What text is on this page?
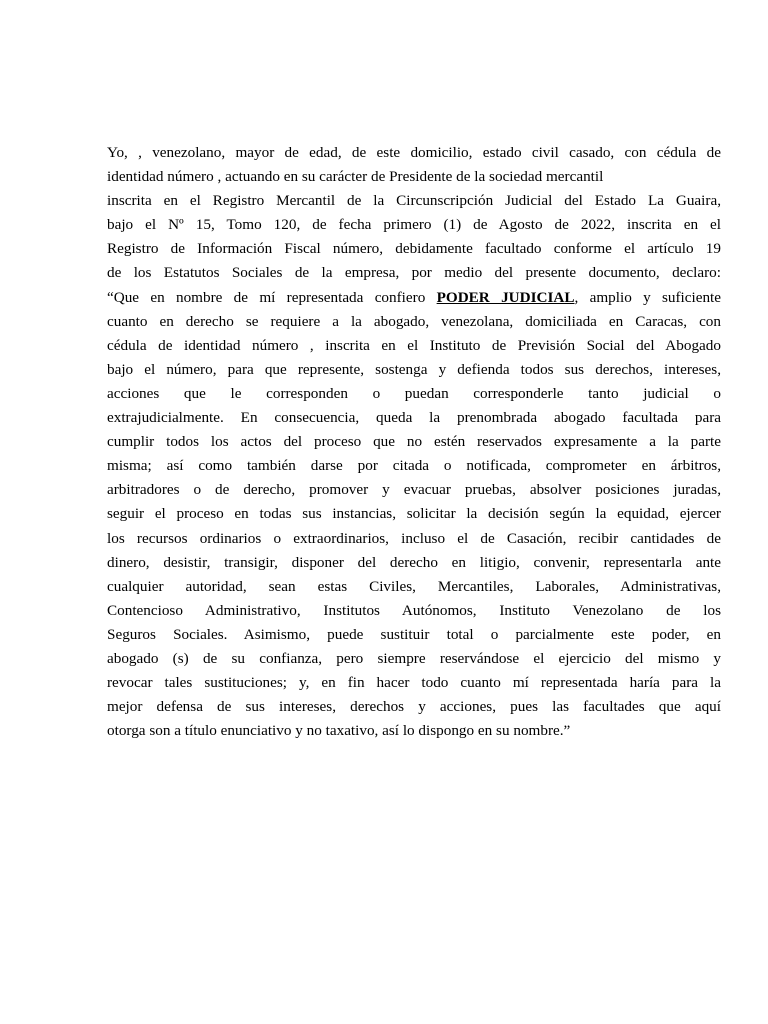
Yo, , venezolano, mayor de edad, de este domicilio, estado civil casado, con cédula de
identidad número , actuando en su carácter de Presidente de la sociedad mercantil
inscrita en el Registro Mercantil de la Circunscripción Judicial del Estado La Guaira,
bajo el Nº 15, Tomo 120, de fecha primero (1) de Agosto de 2022, inscrita en el
Registro de Información Fiscal número, debidamente facultado conforme el artículo 19
de los Estatutos Sociales de la empresa, por medio del presente documento, declaro:
“Que en nombre de mí representada confiero PODER JUDICIAL, amplio y suficiente
cuanto en derecho se requiere a la abogado, venezolana, domiciliada en Caracas, con
cédula de identidad número , inscrita en el Instituto de Previsión Social del Abogado
bajo el número, para que represente, sostenga y defienda todos sus derechos, intereses,
acciones que le corresponden o puedan corresponderle tanto judicial o
extrajudicialmente. En consecuencia, queda la prenombrada abogado facultada para
cumplir todos los actos del proceso que no estén reservados expresamente a la parte
misma; así como también darse por citada o notificada, comprometer en árbitros,
arbitradores o de derecho, promover y evacuar pruebas, absolver posiciones juradas,
seguir el proceso en todas sus instancias, solicitar la decisión según la equidad, ejercer
los recursos ordinarios o extraordinarios, incluso el de Casación, recibir cantidades de
dinero, desistir, transigir, disponer del derecho en litigio, convenir, representarla ante
cualquier autoridad, sean estas Civiles, Mercantiles, Laborales, Administrativas,
Contencioso Administrativo, Institutos Autónomos, Instituto Venezolano de los
Seguros Sociales. Asimismo, puede sustituir total o parcialmente este poder, en
abogado (s) de su confianza, pero siempre reservándose el ejercicio del mismo y
revocar tales sustituciones; y, en fin hacer todo cuanto mí representada haría para la
mejor defensa de sus intereses, derechos y acciones, pues las facultades que aquí
otorga son a título enunciativo y no taxativo, así lo dispongo en su nombre.”
